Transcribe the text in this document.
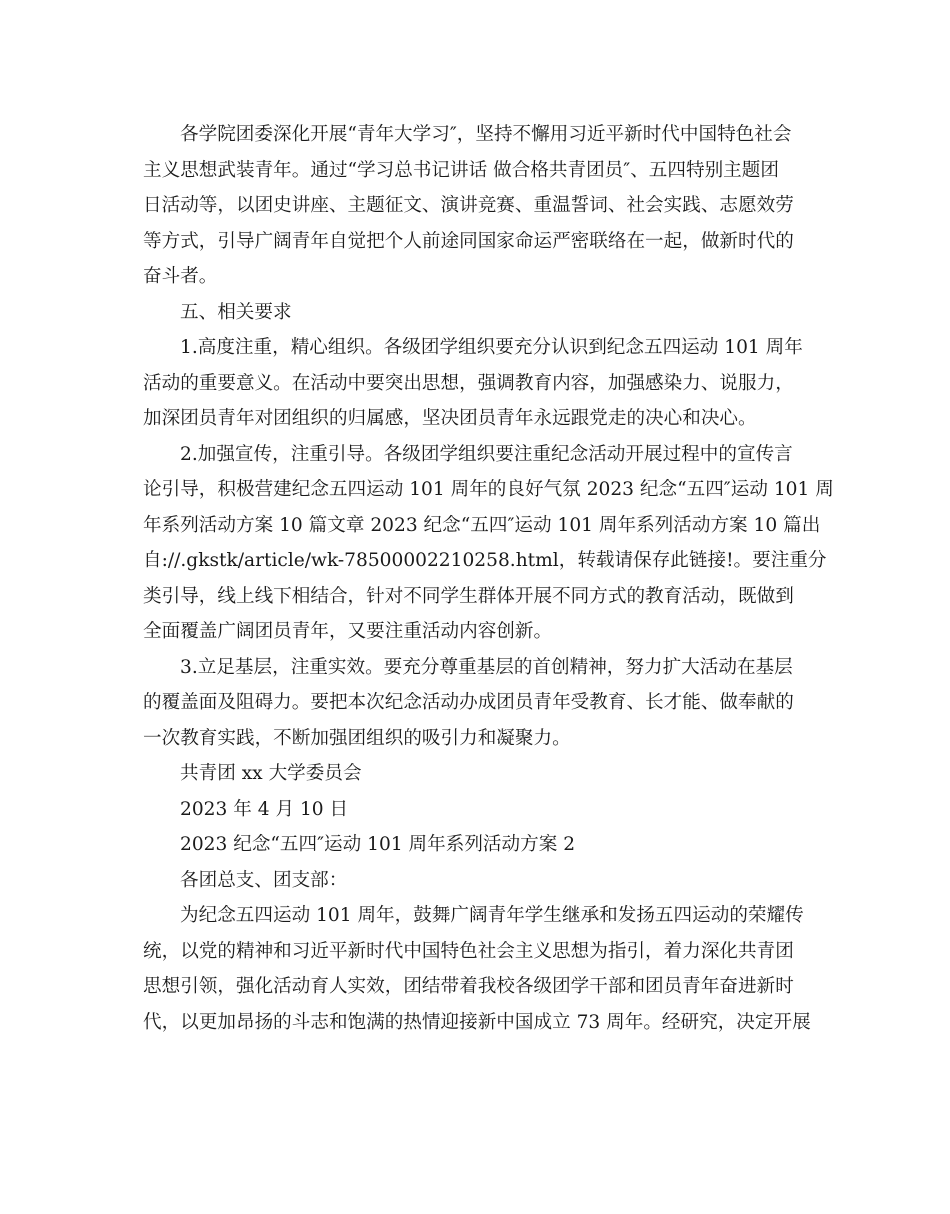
各学院团委深化开展“青年大学习″，坚持不懈用习近平新时代中国特色社会
主义思想武装青年。通过“学习总书记讲话 做合格共青团员″、五四特别主题团
日活动等，以团史讲座、主题征文、演讲竞赛、重温誓词、社会实践、志愿效劳
等方式，引导广阔青年自觉把个人前途同国家命运严密联络在一起，做新时代的
奋斗者。
五、相关要求
1.高度注重，精心组织。各级团学组织要充分认识到纪念五四运动 101 周年
活动的重要意义。在活动中要突出思想，强调教育内容，加强感染力、说服力，
加深团员青年对团组织的归属感，坚决团员青年永远跟党走的决心和决心。
2.加强宣传，注重引导。各级团学组织要注重纪念活动开展过程中的宣传言
论引导，积极营建纪念五四运动 101 周年的良好气氛 2023 纪念“五四″运动 101 周
年系列活动方案 10 篇文章 2023 纪念“五四″运动 101 周年系列活动方案 10 篇出
自://.gkstk/article/wk-78500002210258.html，转载请保存此链接!。要注重分
类引导，线上线下相结合，针对不同学生群体开展不同方式的教育活动，既做到
全面覆盖广阔团员青年，又要注重活动内容创新。
3.立足基层，注重实效。要充分尊重基层的首创精神，努力扩大活动在基层
的覆盖面及阻碍力。要把本次纪念活动办成团员青年受教育、长才能、做奉献的
一次教育实践，不断加强团组织的吸引力和凝聚力。
共青团 xx 大学委员会
2023 年 4 月 10 日
2023 纪念“五四″运动 101 周年系列活动方案 2
各团总支、团支部：
为纪念五四运动 101 周年，鼓舞广阔青年学生继承和发扬五四运动的荣耀传
统，以党的精神和习近平新时代中国特色社会主义思想为指引，着力深化共青团
思想引领，强化活动育人实效，团结带着我校各级团学干部和团员青年奋进新时
代，以更加昂扬的斗志和饱满的热情迎接新中国成立 73 周年。经研究，决定开展
